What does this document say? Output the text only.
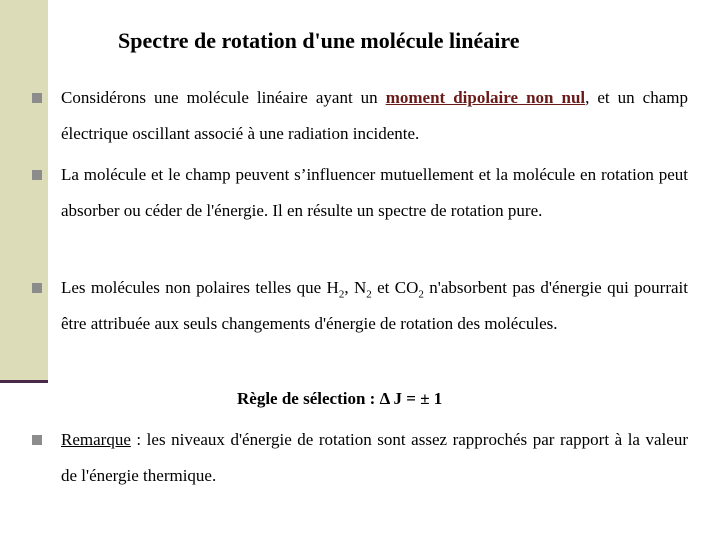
Spectre de rotation d'une molécule linéaire
Considérons une molécule linéaire ayant un moment dipolaire non nul, et un champ électrique oscillant associé à une radiation incidente.
La molécule et le champ peuvent s’influencer mutuellement et la molécule en rotation peut absorber ou céder de l'énergie. Il en résulte un spectre de rotation pure.
Les molécules non polaires telles que $H_2$, $N_2$ et $CO_2$ n'absorbent pas d'énergie qui pourrait être attribuée aux seuls changements d'énergie de rotation des molécules.
Règle de sélection : Δ J = ± 1
Remarque : les niveaux d'énergie de rotation sont assez rapprochés par rapport à la valeur de l'énergie thermique.
